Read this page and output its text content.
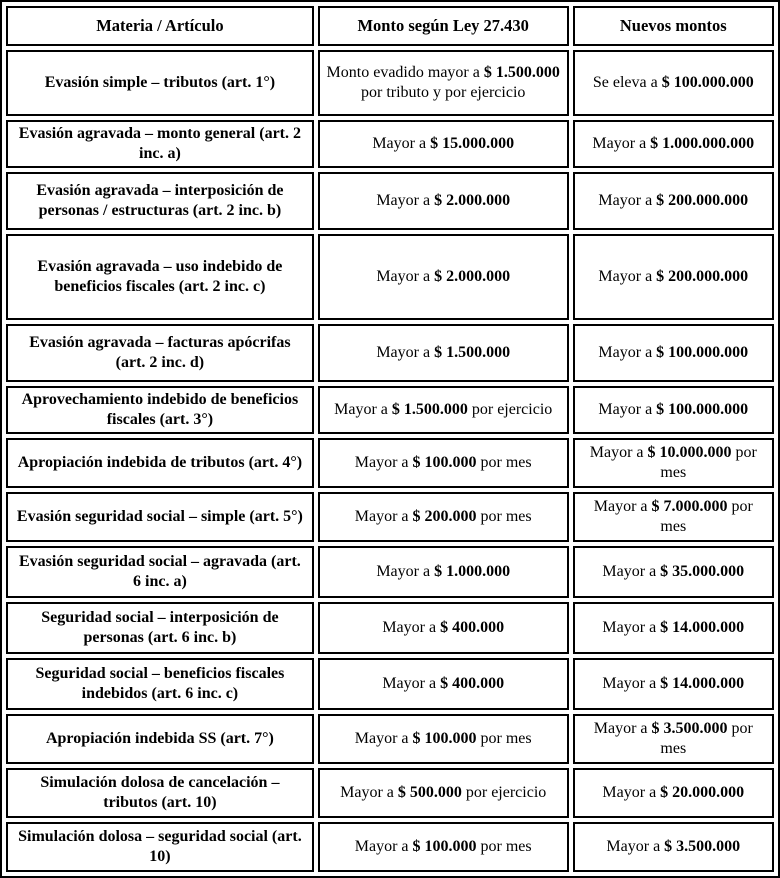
Materia / Artículo	Monto según Ley 27.430	Nuevos montos
Evasión simple – tributos (art. 1°)	Monto evadido mayor a $ 1.500.000 por tributo y por ejercicio	Se eleva a $ 100.000.000
Evasión agravada – monto general (art. 2 inc. a)	Mayor a $ 15.000.000	Mayor a $ 1.000.000.000
Evasión agravada – interposición de personas / estructuras (art. 2 inc. b)	Mayor a $ 2.000.000	Mayor a $ 200.000.000
Evasión agravada – uso indebido de beneficios fiscales (art. 2 inc. c)	Mayor a $ 2.000.000	Mayor a $ 200.000.000
Evasión agravada – facturas apócrifas (art. 2 inc. d)	Mayor a $ 1.500.000	Mayor a $ 100.000.000
Aprovechamiento indebido de beneficios fiscales (art. 3°)	Mayor a $ 1.500.000 por ejercicio	Mayor a $ 100.000.000
Apropiación indebida de tributos (art. 4°)	Mayor a $ 100.000 por mes	Mayor a $ 10.000.000 por mes
Evasión seguridad social – simple (art. 5°)	Mayor a $ 200.000 por mes	Mayor a $ 7.000.000 por mes
Evasión seguridad social – agravada (art. 6 inc. a)	Mayor a $ 1.000.000	Mayor a $ 35.000.000
Seguridad social – interposición de personas (art. 6 inc. b)	Mayor a $ 400.000	Mayor a $ 14.000.000
Seguridad social – beneficios fiscales indebidos (art. 6 inc. c)	Mayor a $ 400.000	Mayor a $ 14.000.000
Apropiación indebida SS (art. 7°)	Mayor a $ 100.000 por mes	Mayor a $ 3.500.000 por mes
Simulación dolosa de cancelación – tributos (art. 10)	Mayor a $ 500.000 por ejercicio	Mayor a $ 20.000.000
Simulación dolosa – seguridad social (art. 10)	Mayor a $ 100.000 por mes	Mayor a $ 3.500.000
